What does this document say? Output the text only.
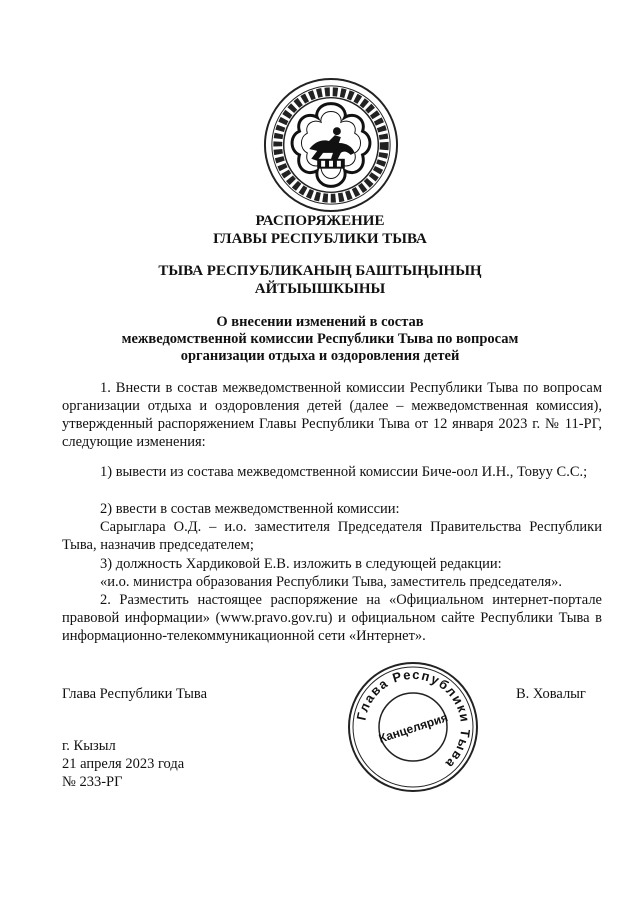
РАСПОРЯЖЕНИЕ
ГЛАВЫ РЕСПУБЛИКИ ТЫВА
ТЫВА РЕСПУБЛИКАНЫҢ БАШТЫҢЫНЫҢ
АЙТЫЫШКЫНЫ
О внесении изменений в состав
межведомственной комиссии Республики Тыва по вопросам
организации отдыха и оздоровления детей
1. Внести в состав межведомственной комиссии Республики Тыва по вопросам организации отдыха и оздоровления детей (далее – межведомственная комиссия), утвержденный распоряжением Главы Республики Тыва от 12 января 2023 г. № 11-РГ, следующие изменения:
1) вывести из состава межведомственной комиссии Биче-оол И.Н., Товуу С.С.;
2) ввести в состав межведомственной комиссии:
Сарыглара О.Д. – и.о. заместителя Председателя Правительства Республики Тыва, назначив председателем;
3) должность Хардиковой Е.В. изложить в следующей редакции:
«и.о. министра образования Республики Тыва, заместитель председателя».
2. Разместить настоящее распоряжение на «Официальном интернет-портале правовой информации» (www.pravo.gov.ru) и официальном сайте Республики Тыва в информационно-телекоммуникационной сети «Интернет».
Глава Республики Тыва
Канцелярия
Глава Республики Тыва	В. Ховалыг
г. Кызыл
21 апреля 2023 года
№ 233-РГ
